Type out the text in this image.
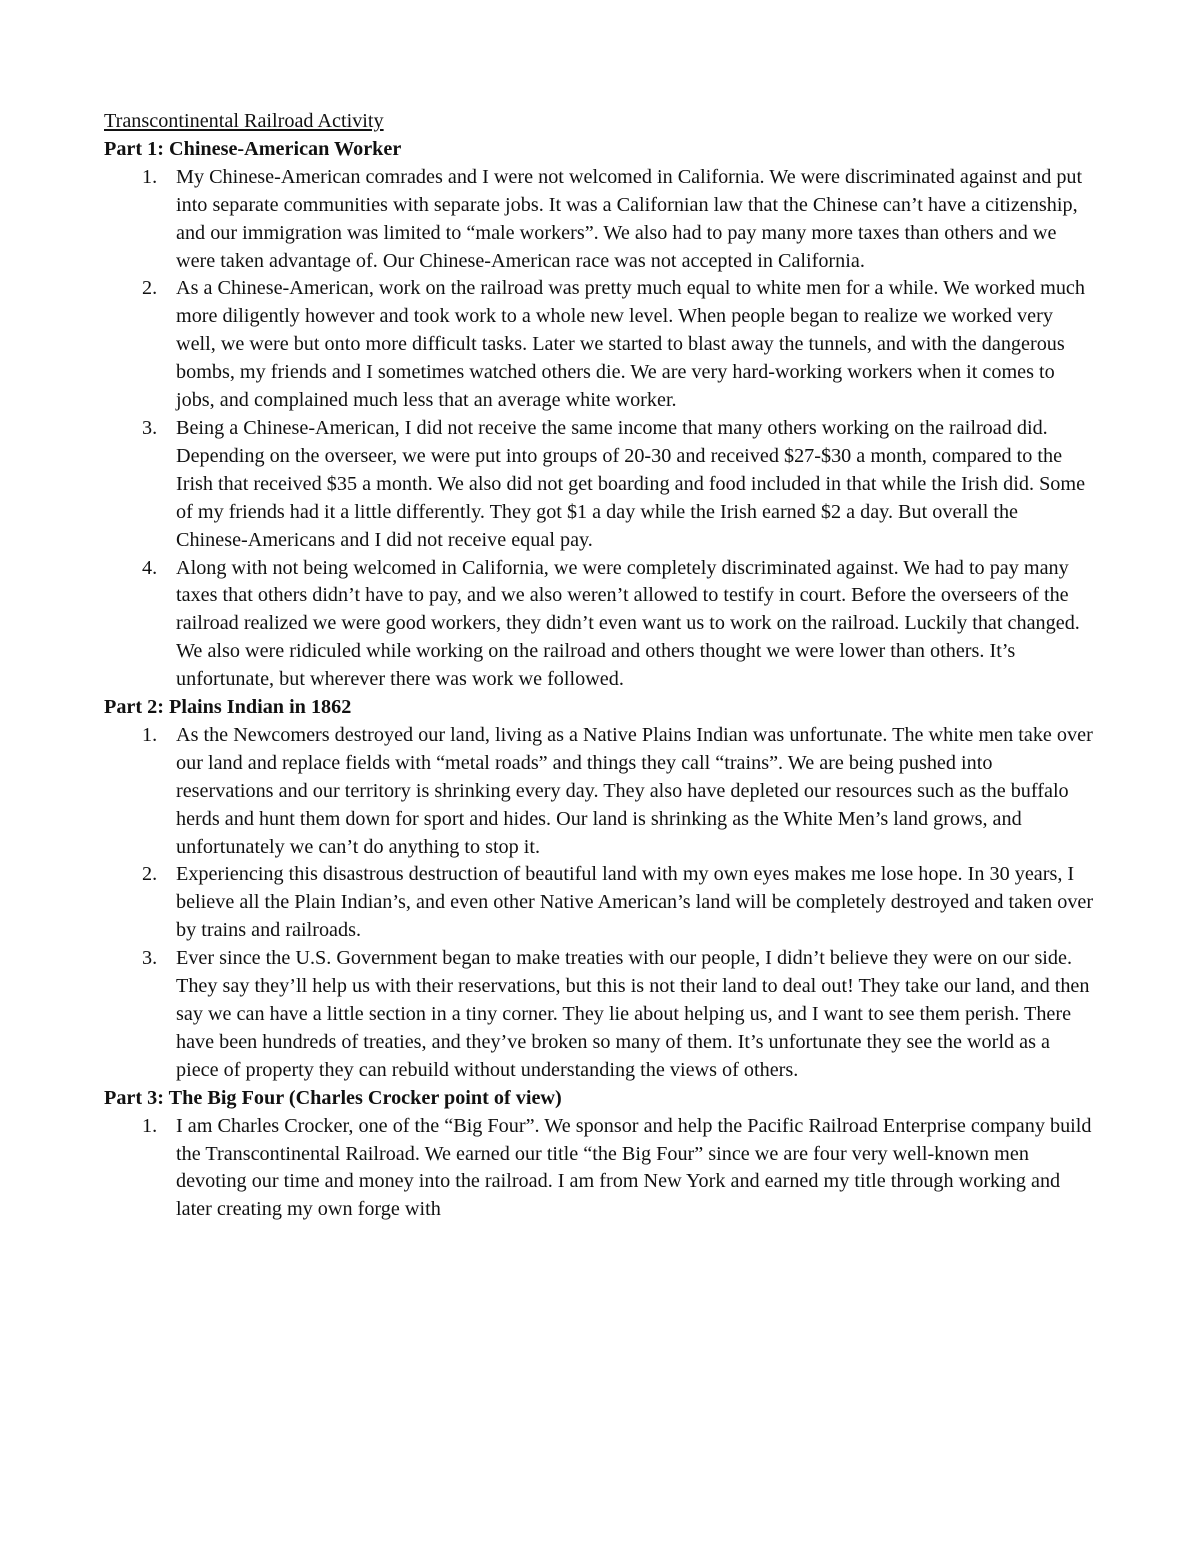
Transcontinental Railroad Activity

Part 1: Chinese-American Worker

1. My Chinese-American comrades and I were not welcomed in California. We were discriminated against and put into separate communities with separate jobs. It was a Californian law that the Chinese can’t have a citizenship, and our immigration was limited to “male workers”. We also had to pay many more taxes than others and we were taken advantage of. Our Chinese-American race was not accepted in California.
2. As a Chinese-American, work on the railroad was pretty much equal to white men for a while. We worked much more diligently however and took work to a whole new level. When people began to realize we worked very well, we were but onto more difficult tasks. Later we started to blast away the tunnels, and with the dangerous bombs, my friends and I sometimes watched others die. We are very hard-working workers when it comes to jobs, and complained much less that an average white worker.
3. Being a Chinese-American, I did not receive the same income that many others working on the railroad did. Depending on the overseer, we were put into groups of 20-30 and received $27-$30 a month, compared to the Irish that received $35 a month. We also did not get boarding and food included in that while the Irish did. Some of my friends had it a little differently. They got $1 a day while the Irish earned $2 a day. But overall the Chinese-Americans and I did not receive equal pay.
4. Along with not being welcomed in California, we were completely discriminated against. We had to pay many taxes that others didn’t have to pay, and we also weren’t allowed to testify in court. Before the overseers of the railroad realized we were good workers, they didn’t even want us to work on the railroad. Luckily that changed. We also were ridiculed while working on the railroad and others thought we were lower than others. It’s unfortunate, but wherever there was work we followed.

Part 2: Plains Indian in 1862

1. As the Newcomers destroyed our land, living as a Native Plains Indian was unfortunate. The white men take over our land and replace fields with “metal roads” and things they call “trains”. We are being pushed into reservations and our territory is shrinking every day. They also have depleted our resources such as the buffalo herds and hunt them down for sport and hides. Our land is shrinking as the White Men’s land grows, and unfortunately we can’t do anything to stop it.
2. Experiencing this disastrous destruction of beautiful land with my own eyes makes me lose hope. In 30 years, I believe all the Plain Indian’s, and even other Native American’s land will be completely destroyed and taken over by trains and railroads.
3. Ever since the U.S. Government began to make treaties with our people, I didn’t believe they were on our side. They say they’ll help us with their reservations, but this is not their land to deal out! They take our land, and then say we can have a little section in a tiny corner. They lie about helping us, and I want to see them perish. There have been hundreds of treaties, and they’ve broken so many of them. It’s unfortunate they see the world as a piece of property they can rebuild without understanding the views of others.

Part 3: The Big Four (Charles Crocker point of view)

1. I am Charles Crocker, one of the “Big Four”. We sponsor and help the Pacific Railroad Enterprise company build the Transcontinental Railroad. We earned our title “the Big Four” since we are four very well-known men devoting our time and money into the railroad. I am from New York and earned my title through working and later creating my own forge with
